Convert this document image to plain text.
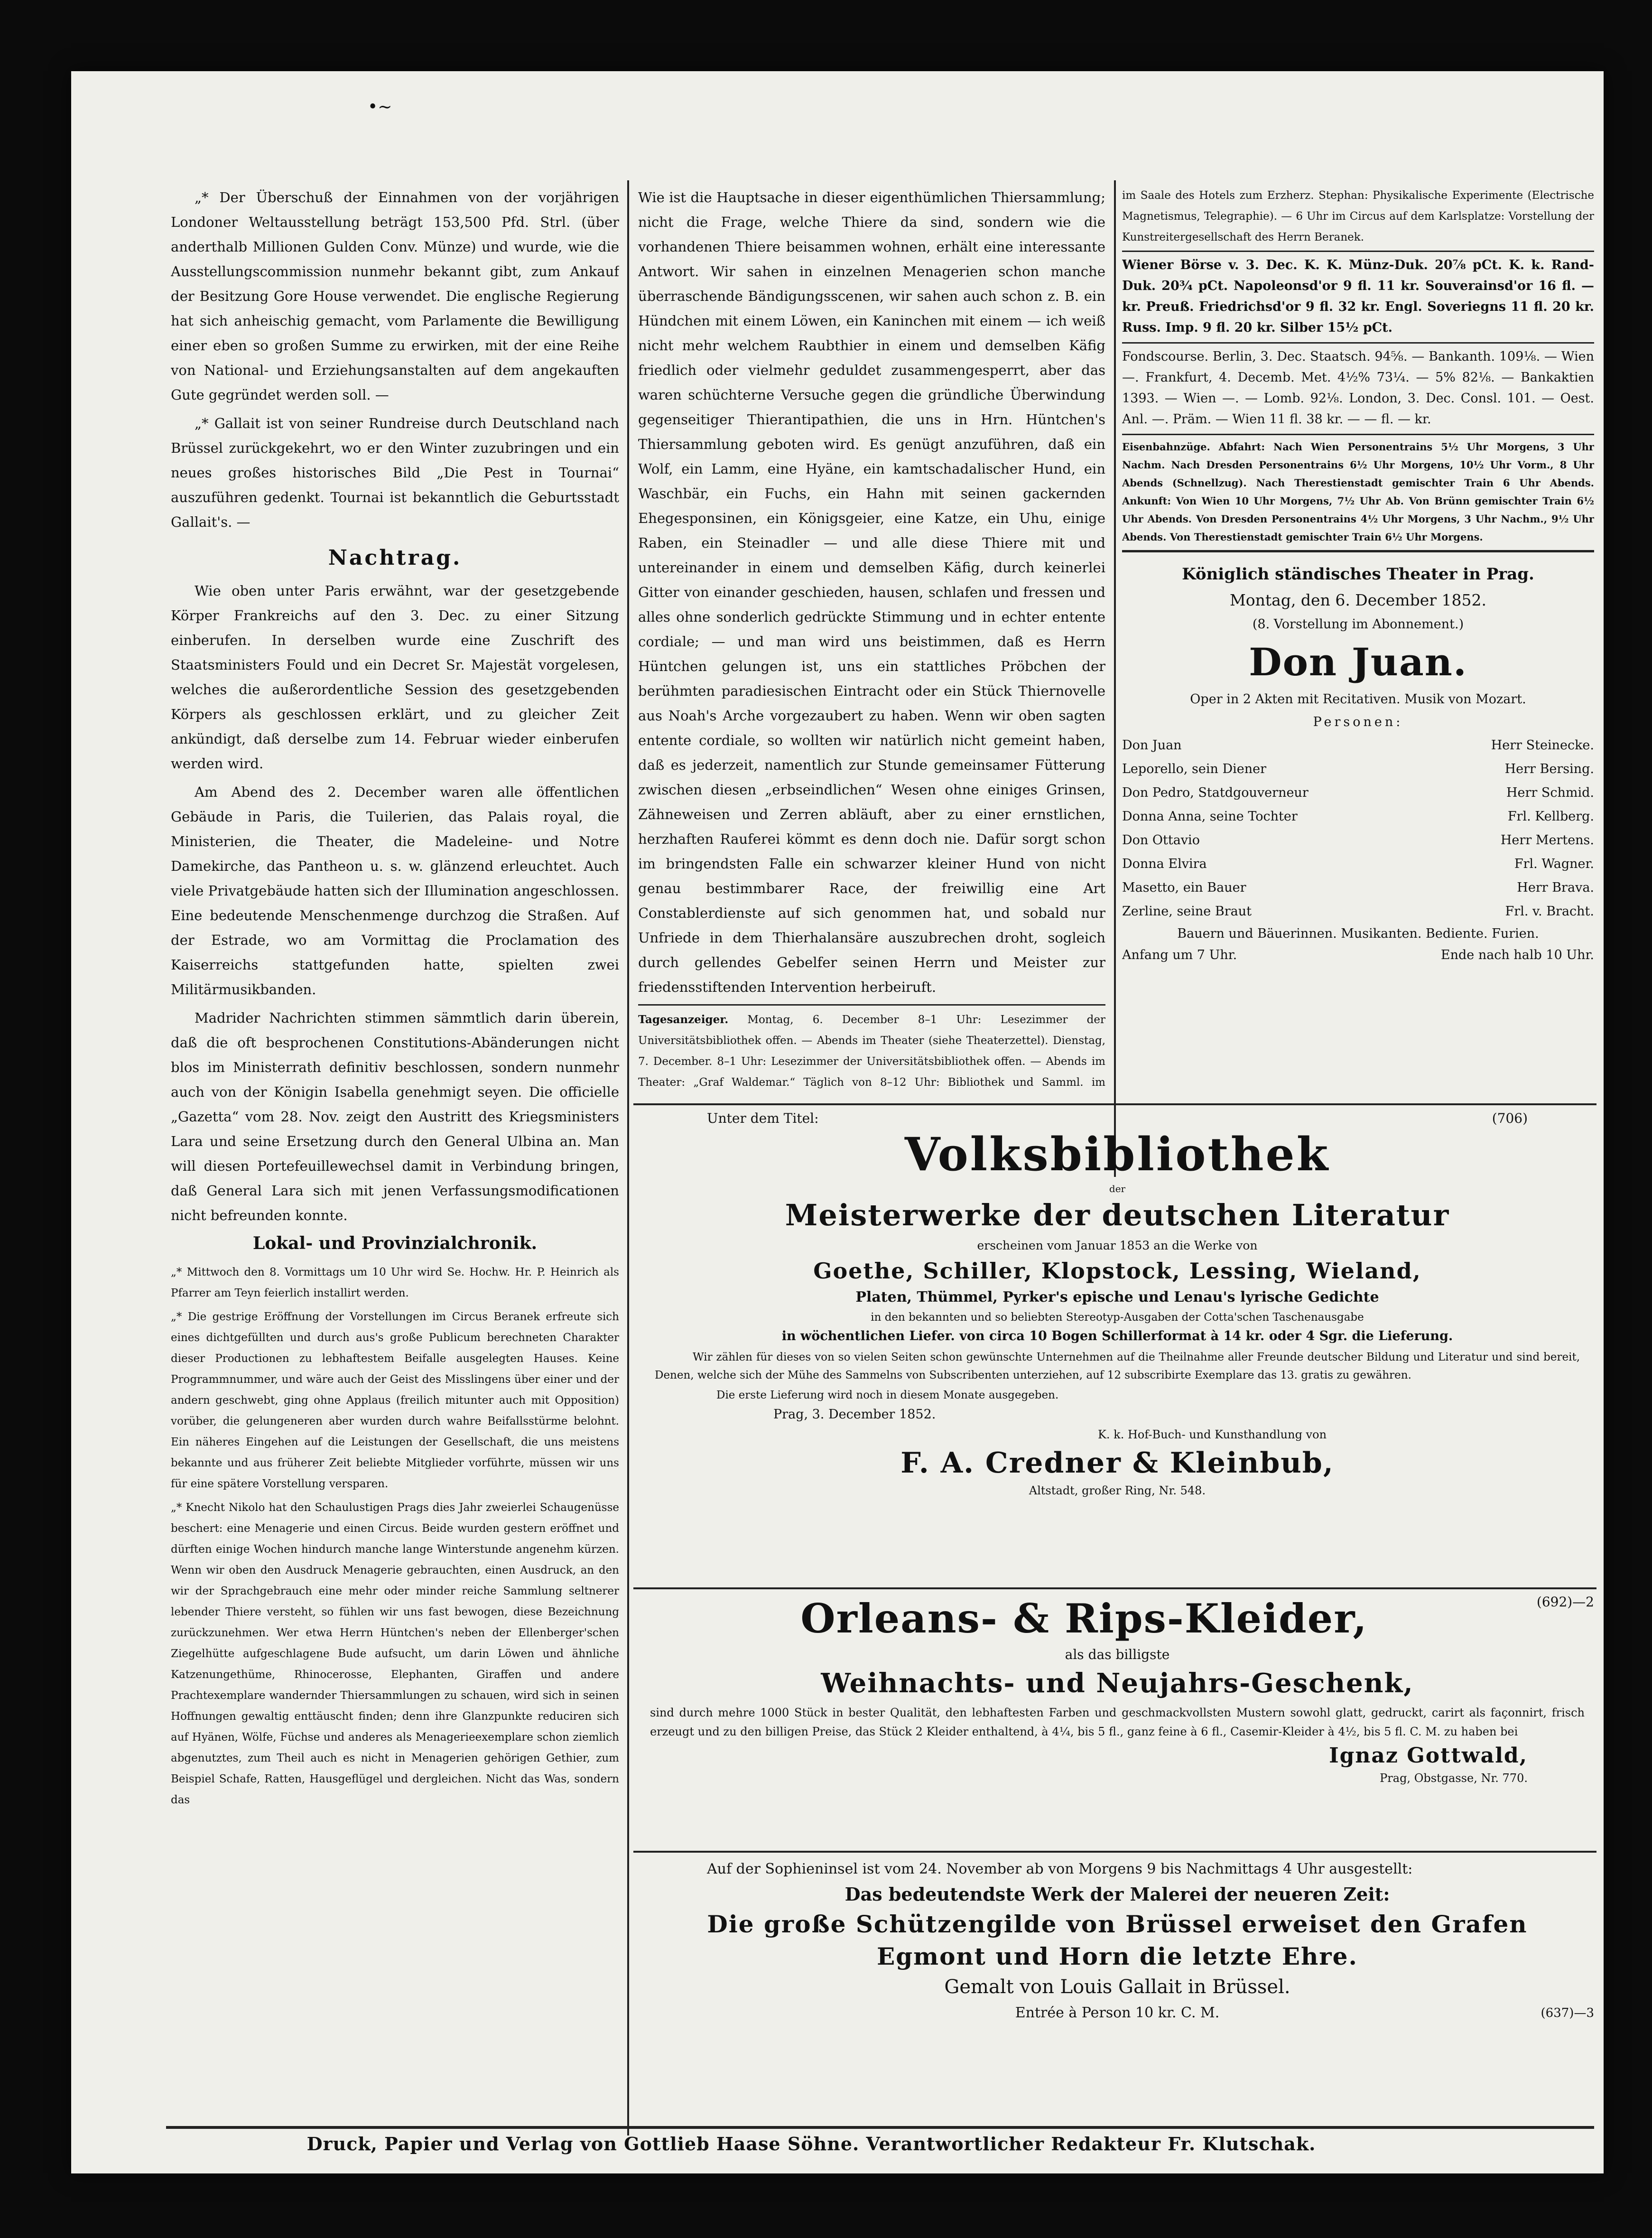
•~

„* Der Überschuß der Einnahmen von der vorjährigen Londoner Weltausstellung beträgt 153,500 Pfd. Strl. (über anderthalb Millionen Gulden Conv. Münze) und wurde, wie die Ausstellungscommission nunmehr bekannt gibt, zum Ankauf der Besitzung Gore House verwendet. Die englische Regierung hat sich anheischig gemacht, vom Parlamente die Bewilligung einer eben so großen Summe zu erwirken, mit der eine Reihe von National- und Erziehungsanstalten auf dem angekauften Gute gegründet werden soll. —

„* Gallait ist von seiner Rundreise durch Deutschland nach Brüssel zurückgekehrt, wo er den Winter zuzubringen und ein neues großes historisches Bild „Die Pest in Tournai“ auszuführen gedenkt. Tournai ist bekanntlich die Geburtsstadt Gallait's. —

Nachtrag.

Wie oben unter Paris erwähnt, war der gesetzgebende Körper Frankreichs auf den 3. Dec. zu einer Sitzung einberufen. In derselben wurde eine Zuschrift des Staatsministers Fould und ein Decret Sr. Majestät vorgelesen, welches die außerordentliche Session des gesetzgebenden Körpers als geschlossen erklärt, und zu gleicher Zeit ankündigt, daß derselbe zum 14. Februar wieder einberufen werden wird.

Am Abend des 2. December waren alle öffentlichen Gebäude in Paris, die Tuilerien, das Palais royal, die Ministerien, die Theater, die Madeleine- und Notre Damekirche, das Pantheon u. s. w. glänzend erleuchtet. Auch viele Privatgebäude hatten sich der Illumination angeschlossen. Eine bedeutende Menschenmenge durchzog die Straßen. Auf der Estrade, wo am Vormittag die Proclamation des Kaiserreichs stattgefunden hatte, spielten zwei Militärmusikbanden.

Madrider Nachrichten stimmen sämmtlich darin überein, daß die oft besprochenen Constitutions-Abänderungen nicht blos im Ministerrath definitiv beschlossen, sondern nunmehr auch von der Königin Isabella genehmigt seyen. Die officielle „Gazetta“ vom 28. Nov. zeigt den Austritt des Kriegsministers Lara und seine Ersetzung durch den General Ulbina an. Man will diesen Portefeuillewechsel damit in Verbindung bringen, daß General Lara sich mit jenen Verfassungsmodificationen nicht befreunden konnte.

Lokal- und Provinzialchronik.

„* Mittwoch den 8. Vormittags um 10 Uhr wird Se. Hochw. Hr. P. Heinrich als Pfarrer am Teyn feierlich installirt werden.

„* Die gestrige Eröffnung der Vorstellungen im Circus Beranek erfreute sich eines dichtgefüllten und durch aus's große Publicum berechneten Charakter dieser Productionen zu lebhaftestem Beifalle ausgelegten Hauses. Keine Programmnummer, und wäre auch der Geist des Misslingens über einer und der andern geschwebt, ging ohne Applaus (freilich mitunter auch mit Opposition) vorüber, die gelungeneren aber wurden durch wahre Beifallsstürme belohnt. Ein näheres Eingehen auf die Leistungen der Gesellschaft, die uns meistens bekannte und aus früherer Zeit beliebte Mitglieder vorführte, müssen wir uns für eine spätere Vorstellung versparen.

„* Knecht Nikolo hat den Schaulustigen Prags dies Jahr zweierlei Schaugenüsse beschert: eine Menagerie und einen Circus. Beide wurden gestern eröffnet und dürften einige Wochen hindurch manche lange Winterstunde angenehm kürzen. Wenn wir oben den Ausdruck Menagerie gebrauchten, einen Ausdruck, an den wir der Sprachgebrauch eine mehr oder minder reiche Sammlung seltnerer lebender Thiere versteht, so fühlen wir uns fast bewogen, diese Bezeichnung zurückzunehmen. Wer etwa Herrn Hüntchen's neben der Ellenberger'schen Ziegelhütte aufgeschlagene Bude aufsucht, um darin Löwen und ähnliche Katzenungethüme, Rhinocerosse, Elephanten, Giraffen und andere Prachtexemplare wandernder Thiersammlungen zu schauen, wird sich in seinen Hoffnungen gewaltig enttäuscht finden; denn ihre Glanzpunkte reduciren sich auf Hyänen, Wölfe, Füchse und anderes als Menagerieexemplare schon ziemlich abgenutztes, zum Theil auch es nicht in Menagerien gehörigen Gethier, zum Beispiel Schafe, Ratten, Hausgeflügel und dergleichen. Nicht das Was, sondern das

Wie ist die Hauptsache in dieser eigenthümlichen Thiersammlung; nicht die Frage, welche Thiere da sind, sondern wie die vorhandenen Thiere beisammen wohnen, erhält eine interessante Antwort. Wir sahen in einzelnen Menagerien schon manche überraschende Bändigungsscenen, wir sahen auch schon z. B. ein Hündchen mit einem Löwen, ein Kaninchen mit einem — ich weiß nicht mehr welchem Raubthier in einem und demselben Käfig friedlich oder vielmehr geduldet zusammengesperrt, aber das waren schüchterne Versuche gegen die gründliche Überwindung gegenseitiger Thierantipathien, die uns in Hrn. Hüntchen's Thiersammlung geboten wird. Es genügt anzuführen, daß ein Wolf, ein Lamm, eine Hyäne, ein kamtschadalischer Hund, ein Waschbär, ein Fuchs, ein Hahn mit seinen gackernden Ehegesponsinen, ein Königsgeier, eine Katze, ein Uhu, einige Raben, ein Steinadler — und alle diese Thiere mit und untereinander in einem und demselben Käfig, durch keinerlei Gitter von einander geschieden, hausen, schlafen und fressen und alles ohne sonderlich gedrückte Stimmung und in echter entente cordiale; — und man wird uns beistimmen, daß es Herrn Hüntchen gelungen ist, uns ein stattliches Pröbchen der berühmten paradiesischen Eintracht oder ein Stück Thiernovelle aus Noah's Arche vorgezaubert zu haben. Wenn wir oben sagten entente cordiale, so wollten wir natürlich nicht gemeint haben, daß es jederzeit, namentlich zur Stunde gemeinsamer Fütterung zwischen diesen „erbseindlichen“ Wesen ohne einiges Grinsen, Zähneweisen und Zerren abläuft, aber zu einer ernstlichen, herzhaften Rauferei kömmt es denn doch nie. Dafür sorgt schon im bringendsten Falle ein schwarzer kleiner Hund von nicht genau bestimmbarer Race, der freiwillig eine Art Constablerdienste auf sich genommen hat, und sobald nur Unfriede in dem Thierhalansäre auszubrechen droht, sogleich durch gellendes Gebelfer seinen Herrn und Meister zur friedensstiftenden Intervention herbeiruft.

Tagesanzeiger. Montag, 6. December 8–1 Uhr: Lesezimmer der Universitätsbibliothek offen. — Abends im Theater (siehe Theaterzettel). Dienstag, 7. December. 8–1 Uhr: Lesezimmer der Universitätsbibliothek offen. — Abends im Theater: „Graf Waldemar.“ Täglich von 8–12 Uhr: Bibliothek und Samml. im

im Saale des Hotels zum Erzherz. Stephan: Physikalische Experimente (Electrische Magnetismus, Telegraphie). — 6 Uhr im Circus auf dem Karlsplatze: Vorstellung der Kunstreitergesellschaft des Herrn Beranek.

Wiener Börse v. 3. Dec. K. K. Münz-Duk. 20⅞ pCt. K. k. Rand-Duk. 20¾ pCt. Napoleonsd'or 9 fl. 11 kr. Souverainsd'or 16 fl. — kr. Preuß. Friedrichsd'or 9 fl. 32 kr. Engl. Soveriegns 11 fl. 20 kr. Russ. Imp. 9 fl. 20 kr. Silber 15½ pCt.

Fondscourse. Berlin, 3. Dec. Staatsch. 94⅝. — Bankanth. 109⅛. — Wien —. Frankfurt, 4. Decemb. Met. 4½% 73¼. — 5% 82⅛. — Bankaktien 1393. — Wien —. — Lomb. 92⅛. London, 3. Dec. Consl. 101. — Oest. Anl. —. Präm. — Wien 11 fl. 38 kr. — — fl. — kr.

Eisenbahnzüge. Abfahrt: Nach Wien Personentrains 5½ Uhr Morgens, 3 Uhr Nachm. Nach Dresden Personentrains 6½ Uhr Morgens, 10½ Uhr Vorm., 8 Uhr Abends (Schnellzug). Nach Therestienstadt gemischter Train 6 Uhr Abends. Ankunft: Von Wien 10 Uhr Morgens, 7½ Uhr Ab. Von Brünn gemischter Train 6½ Uhr Abends. Von Dresden Personentrains 4½ Uhr Morgens, 3 Uhr Nachm., 9½ Uhr Abends. Von Therestienstadt gemischter Train 6½ Uhr Morgens.

Königlich ständisches Theater in Prag.
Montag, den 6. December 1852.
(8. Vorstellung im Abonnement.)
Don Juan.
Oper in 2 Akten mit Recitativen. Musik von Mozart.
Personen:
Don Juan	Herr Steinecke.
Leporello, sein Diener	Herr Bersing.
Don Pedro, Statdgouverneur	Herr Schmid.
Donna Anna, seine Tochter	Frl. Kellberg.
Don Ottavio	Herr Mertens.
Donna Elvira	Frl. Wagner.
Masetto, ein Bauer	Herr Brava.
Zerline, seine Braut	Frl. v. Bracht.
Bauern und Bäuerinnen. Musikanten. Bediente. Furien.
Anfang um 7 Uhr.	Ende nach halb 10 Uhr.
Unter dem Titel:	(706)
Volksbibliothek
der
Meisterwerke der deutschen Literatur
erscheinen vom Januar 1853 an die Werke von
Goethe, Schiller, Klopstock, Lessing, Wieland,
Platen, Thümmel, Pyrker's epische und Lenau's lyrische Gedichte
in den bekannten und so beliebten Stereotyp-Ausgaben der Cotta'schen Taschenausgabe
in wöchentlichen Liefer. von circa 10 Bogen Schillerformat à 14 kr. oder 4 Sgr. die Lieferung.

Wir zählen für dieses von so vielen Seiten schon gewünschte Unternehmen auf die Theilnahme aller Freunde deutscher Bildung und Literatur und sind bereit, Denen, welche sich der Mühe des Sammelns von Subscribenten unterziehen, auf 12 subscribirte Exemplare das 13. gratis zu gewähren.

Die erste Lieferung wird noch in diesem Monate ausgegeben.
Prag, 3. December 1852.
K. k. Hof-Buch- und Kunsthandlung von
F. A. Credner & Kleinbub,
Altstadt, großer Ring, Nr. 548.
(692)—2
Orleans- & Rips-Kleider,
als das billigste
Weihnachts- und Neujahrs-Geschenk,

sind durch mehre 1000 Stück in bester Qualität, den lebhaftesten Farben und geschmackvollsten Mustern sowohl glatt, gedruckt, carirt als façonnirt, frisch erzeugt und zu den billigen Preise, das Stück 2 Kleider enthaltend, à 4¼, bis 5 fl., ganz feine à 6 fl., Casemir-Kleider à 4½, bis 5 fl. C. M. zu haben bei

Ignaz Gottwald,
Prag, Obstgasse, Nr. 770.

Auf der Sophieninsel ist vom 24. November ab von Morgens 9 bis Nachmittags 4 Uhr ausgestellt:

Das bedeutendste Werk der Malerei der neueren Zeit:
Die große Schützengilde von Brüssel erweiset den Grafen
Egmont und Horn die letzte Ehre.
Gemalt von Louis Gallait in Brüssel.
Entrée à Person 10 kr. C. M.	(637)—3
Druck, Papier und Verlag von Gottlieb Haase Söhne. Verantwortlicher Redakteur Fr. Klutschak.
